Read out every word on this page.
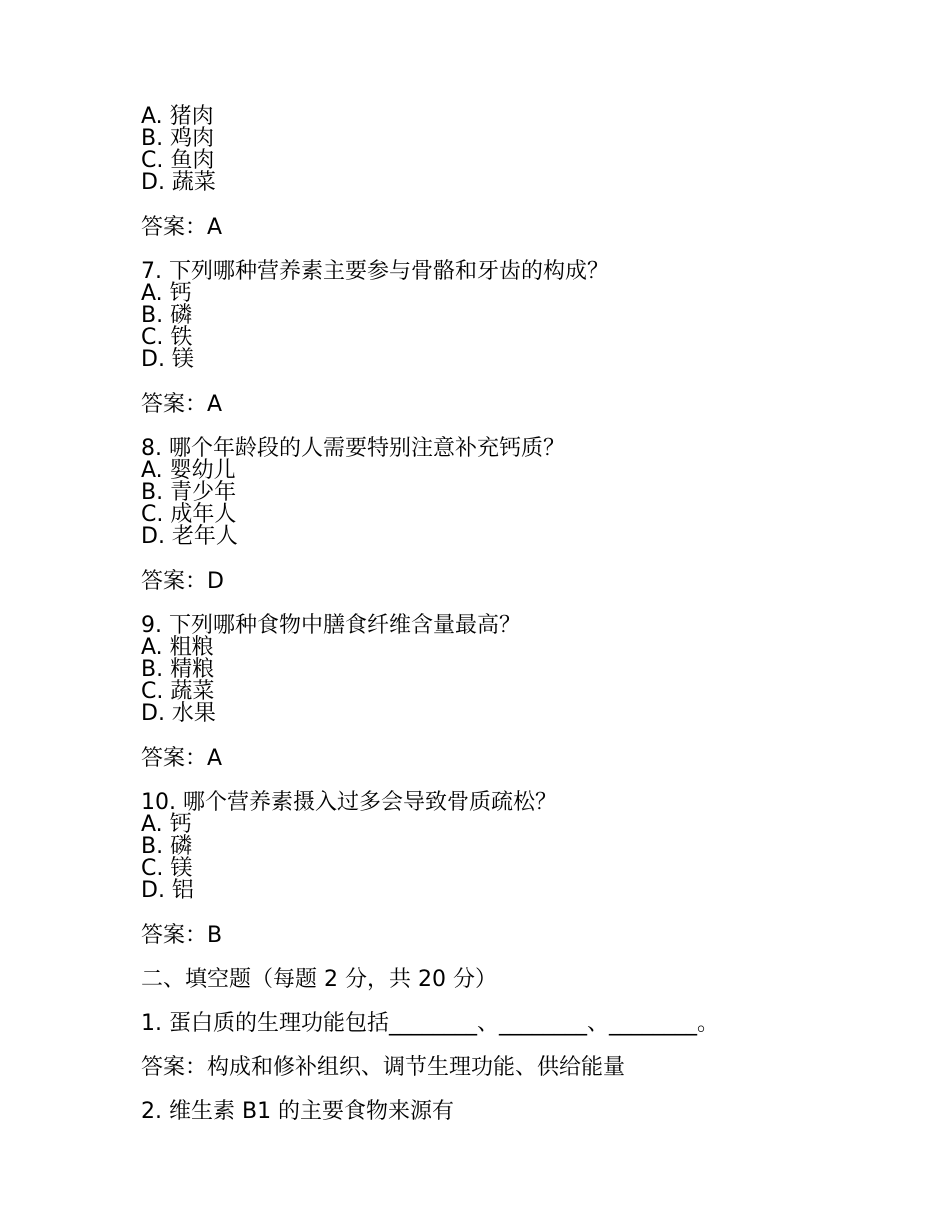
A. 猪肉
B. 鸡肉
C. 鱼肉
D. 蔬菜
答案：A
7. 下列哪种营养素主要参与骨骼和牙齿的构成？
A. 钙
B. 磷
C. 铁
D. 镁
答案：A
8. 哪个年龄段的人需要特别注意补充钙质？
A. 婴幼儿
B. 青少年
C. 成年人
D. 老年人
答案：D
9. 下列哪种食物中膳食纤维含量最高？
A. 粗粮
B. 精粮
C. 蔬菜
D. 水果
答案：A
10. 哪个营养素摄入过多会导致骨质疏松？
A. 钙
B. 磷
C. 镁
D. 铝
答案：B
二、填空题（每题 2 分，共 20 分）
1. 蛋白质的生理功能包括________、________、________。
答案：构成和修补组织、调节生理功能、供给能量
2. 维生素 B1 的主要食物来源有
